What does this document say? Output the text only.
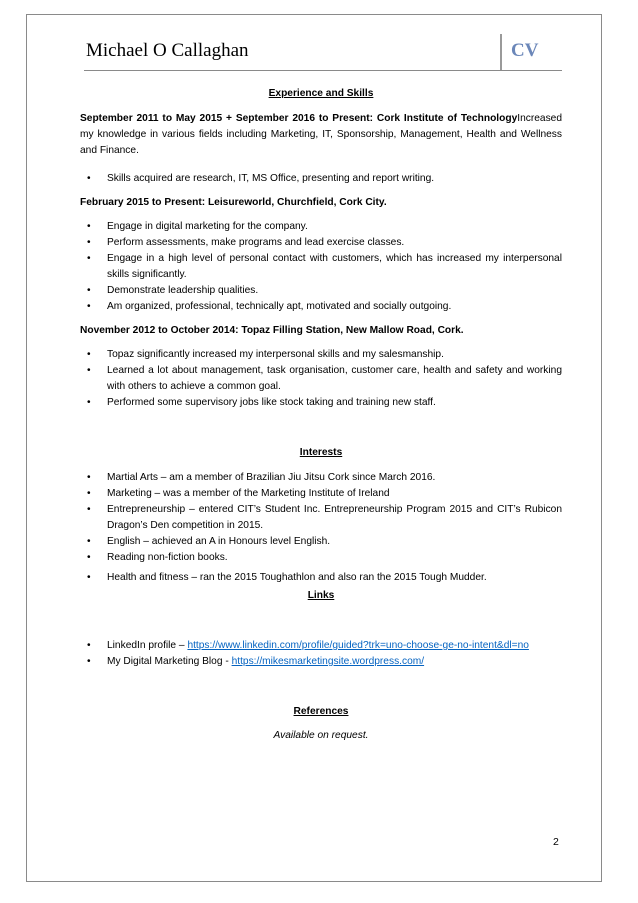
Michael O Callaghan	CV

Experience and Skills

September 2011 to May 2015 + September 2016 to Present: Cork Institute of TechnologyIncreased my knowledge in various fields including Marketing, IT, Sponsorship, Management, Health and Wellness and Finance.

• Skills acquired are research, IT, MS Office, presenting and report writing.

February 2015 to Present: Leisureworld, Churchfield, Cork City.

• Engage in digital marketing for the company.
• Perform assessments, make programs and lead exercise classes.
• Engage in a high level of personal contact with customers, which has increased my interpersonal skills significantly.
• Demonstrate leadership qualities.
• Am organized, professional, technically apt, motivated and socially outgoing.

November 2012 to October 2014: Topaz Filling Station, New Mallow Road, Cork.

• Topaz significantly increased my interpersonal skills and my salesmanship.
• Learned a lot about management, task organisation, customer care, health and safety and working with others to achieve a common goal.
• Performed some supervisory jobs like stock taking and training new staff.

Interests

• Martial Arts – am a member of Brazilian Jiu Jitsu Cork since March 2016.
• Marketing – was a member of the Marketing Institute of Ireland
• Entrepreneurship – entered CIT’s Student Inc. Entrepreneurship Program 2015 and CIT’s Rubicon Dragon’s Den competition in 2015.
• English – achieved an A in Honours level English.
• Reading non-fiction books.
• Health and fitness – ran the 2015 Toughathlon and also ran the 2015 Tough Mudder.

Links

• LinkedIn profile – https://www.linkedin.com/profile/guided?trk=uno-choose-ge-no-intent&dl=no
• My Digital Marketing Blog - https://mikesmarketingsite.wordpress.com/

References

Available on request.

2
